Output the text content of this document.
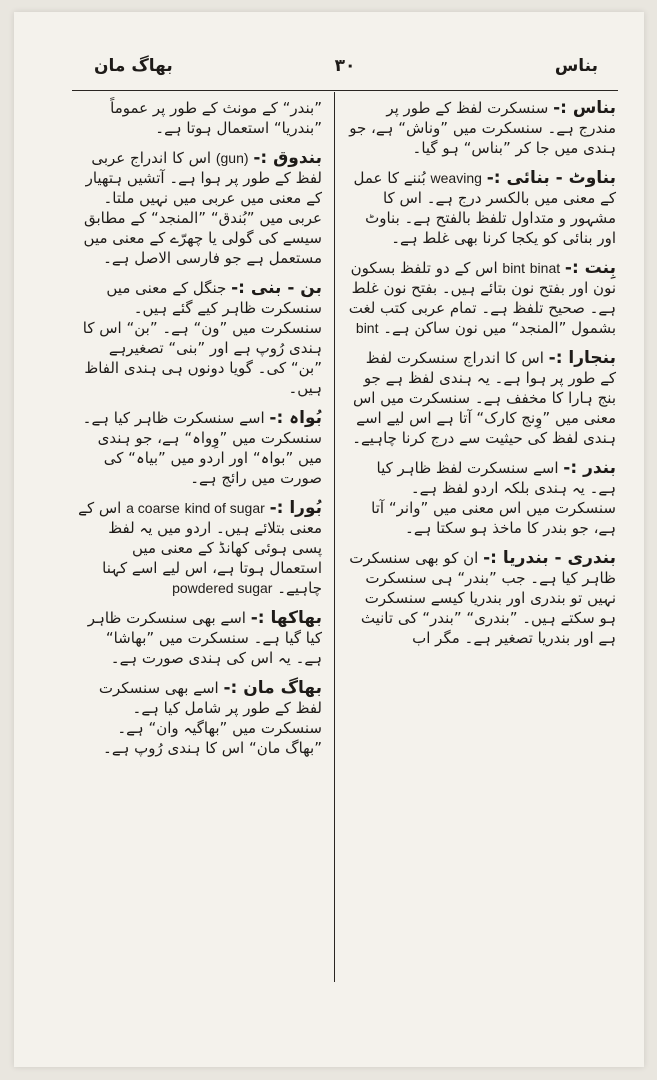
بھاگ مان	۳۰	بناس
بناس :- سنسکرت لفظ کے طور پر مندرج ہے۔ سنسکرت میں ”وناش“ ہے، جو ہندی میں جا کر ”بناس“ ہو گیا۔
بناوٹ - بنائی :- weaving بُننے کا عمل کے معنی میں بالکسر درج ہے۔ اس کا مشہور و متداول تلفظ بالفتح ہے۔ بناوٹ اور بنائی کو یکجا کرنا بھی غلط ہے۔
بِنت :- bint binat اس کے دو تلفظ بسکون نون اور بفتح نون بتائے ہیں۔ بفتح نون غلط ہے۔ صحیح تلفظ ہے۔ تمام عربی کتب لغت بشمول ”المنجد“ میں نون ساکن ہے۔ bint
بنجارا :- اس کا اندراج سنسکرت لفظ کے طور پر ہوا ہے۔ یہ ہندی لفظ ہے جو بنج ہارا کا مخفف ہے۔ سنسکرت میں اس معنی میں ”وِنج کارک“ آتا ہے اس لیے اسے ہندی لفظ کی حیثیت سے درج کرنا چاہیے۔
بندر :- اسے سنسکرت لفظ ظاہر کیا ہے۔ یہ ہندی بلکہ اردو لفظ ہے۔ سنسکرت میں اس معنی میں ”وانر“ آتا ہے، جو بندر کا ماخذ ہو سکتا ہے۔
بندری - بندریا :- ان کو بھی سنسکرت ظاہر کیا ہے۔ جب ”بندر“ ہی سنسکرت نہیں تو بندری اور بندریا کیسے سنسکرت ہو سکتے ہیں۔ ”بندری“ ”بندر“ کی تانیث ہے اور بندریا تصغیر ہے۔ مگر اب
”بندر“ کے مونث کے طور پر عموماً ”بندریا“ استعمال ہوتا ہے۔
بندوق :- (gun) اس کا اندراج عربی لفظ کے طور پر ہوا ہے۔ آتشیں ہتھیار کے معنی میں عربی میں نہیں ملتا۔ عربی میں ”بُندق“ ”المنجد“ کے مطابق سیسے کی گولی یا چھرّے کے معنی میں مستعمل ہے جو فارسی الاصل ہے۔
بن - بنی :- جنگل کے معنی میں سنسکرت ظاہر کیے گئے ہیں۔ سنسکرت میں ”ون“ ہے۔ ”بن“ اس کا ہندی رُوپ ہے اور ”بنی“ تصغیرہے ”بن“ کی۔ گویا دونوں ہی ہندی الفاظ ہیں۔
بُواہ :- اسے سنسکرت ظاہر کیا ہے۔ سنسکرت میں ”وِواہ“ ہے، جو ہندی میں ”بواہ“ اور اردو میں ”بیاہ“ کی صورت میں رائج ہے۔
بُورا :- a coarse kind of sugar اس کے معنی بتلائے ہیں۔ اردو میں یہ لفظ پسی ہوئی کھانڈ کے معنی میں استعمال ہوتا ہے، اس لیے اسے کہنا چاہیے۔ powdered sugar
بھاکھا :- اسے بھی سنسکرت ظاہر کیا گیا ہے۔ سنسکرت میں ”بھاشا“ ہے۔ یہ اس کی ہندی صورت ہے۔
بھاگ مان :- اسے بھی سنسکرت لفظ کے طور پر شامل کیا ہے۔ سنسکرت میں ”بھاگیہ وان“ ہے۔ ”بھاگ مان“ اس کا ہندی رُوپ ہے۔
